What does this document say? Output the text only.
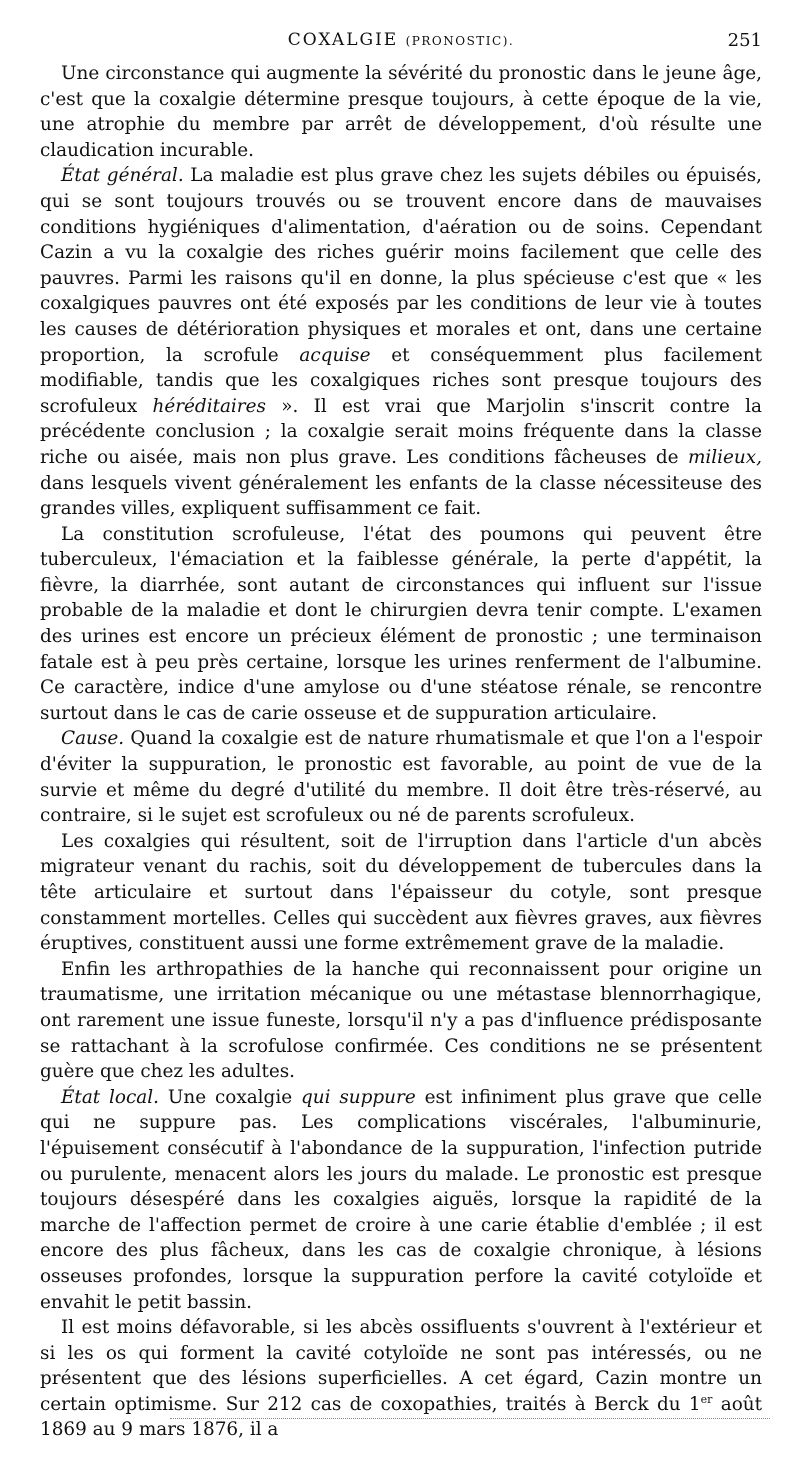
COXALGIE (PRONOSTIC).	251

Une circonstance qui augmente la sévérité du pronostic dans le jeune âge, c'est que la coxalgie détermine presque toujours, à cette époque de la vie, une atrophie du membre par arrêt de développement, d'où résulte une claudication incurable.

État général. La maladie est plus grave chez les sujets débiles ou épuisés, qui se sont toujours trouvés ou se trouvent encore dans de mauvaises conditions hygiéniques d'alimentation, d'aération ou de soins. Cependant Cazin a vu la coxalgie des riches guérir moins facilement que celle des pauvres. Parmi les raisons qu'il en donne, la plus spécieuse c'est que « les coxalgiques pauvres ont été exposés par les conditions de leur vie à toutes les causes de détérioration physiques et morales et ont, dans une certaine proportion, la scrofule acquise et conséquemment plus facilement modifiable, tandis que les coxalgiques riches sont presque toujours des scrofuleux héréditaires ». Il est vrai que Marjolin s'inscrit contre la précédente conclusion ; la coxalgie serait moins fréquente dans la classe riche ou aisée, mais non plus grave. Les conditions fâcheuses de milieux, dans lesquels vivent généralement les enfants de la classe nécessiteuse des grandes villes, expliquent suffisamment ce fait.

La constitution scrofuleuse, l'état des poumons qui peuvent être tuberculeux, l'émaciation et la faiblesse générale, la perte d'appétit, la fièvre, la diarrhée, sont autant de circonstances qui influent sur l'issue probable de la maladie et dont le chirurgien devra tenir compte. L'examen des urines est encore un précieux élément de pronostic ; une terminaison fatale est à peu près certaine, lorsque les urines renferment de l'albumine. Ce caractère, indice d'une amylose ou d'une stéatose rénale, se rencontre surtout dans le cas de carie osseuse et de suppuration articulaire.

Cause. Quand la coxalgie est de nature rhumatismale et que l'on a l'espoir d'éviter la suppuration, le pronostic est favorable, au point de vue de la survie et même du degré d'utilité du membre. Il doit être très-réservé, au contraire, si le sujet est scrofuleux ou né de parents scrofuleux.

Les coxalgies qui résultent, soit de l'irruption dans l'article d'un abcès migrateur venant du rachis, soit du développement de tubercules dans la tête articulaire et surtout dans l'épaisseur du cotyle, sont presque constamment mortelles. Celles qui succèdent aux fièvres graves, aux fièvres éruptives, constituent aussi une forme extrêmement grave de la maladie.

Enfin les arthropathies de la hanche qui reconnaissent pour origine un traumatisme, une irritation mécanique ou une métastase blennorrhagique, ont rarement une issue funeste, lorsqu'il n'y a pas d'influence prédisposante se rattachant à la scrofulose confirmée. Ces conditions ne se présentent guère que chez les adultes.

État local. Une coxalgie qui suppure est infiniment plus grave que celle qui ne suppure pas. Les complications viscérales, l'albuminurie, l'épuisement consécutif à l'abondance de la suppuration, l'infection putride ou purulente, menacent alors les jours du malade. Le pronostic est presque toujours désespéré dans les coxalgies aiguës, lorsque la rapidité de la marche de l'affection permet de croire à une carie établie d'emblée ; il est encore des plus fâcheux, dans les cas de coxalgie chronique, à lésions osseuses profondes, lorsque la suppuration perfore la cavité cotyloïde et envahit le petit bassin.

Il est moins défavorable, si les abcès ossifluents s'ouvrent à l'extérieur et si les os qui forment la cavité cotyloïde ne sont pas intéressés, ou ne présentent que des lésions superficielles. A cet égard, Cazin montre un certain optimisme. Sur 212 cas de coxopathies, traités à Berck du 1er août 1869 au 9 mars 1876, il a
